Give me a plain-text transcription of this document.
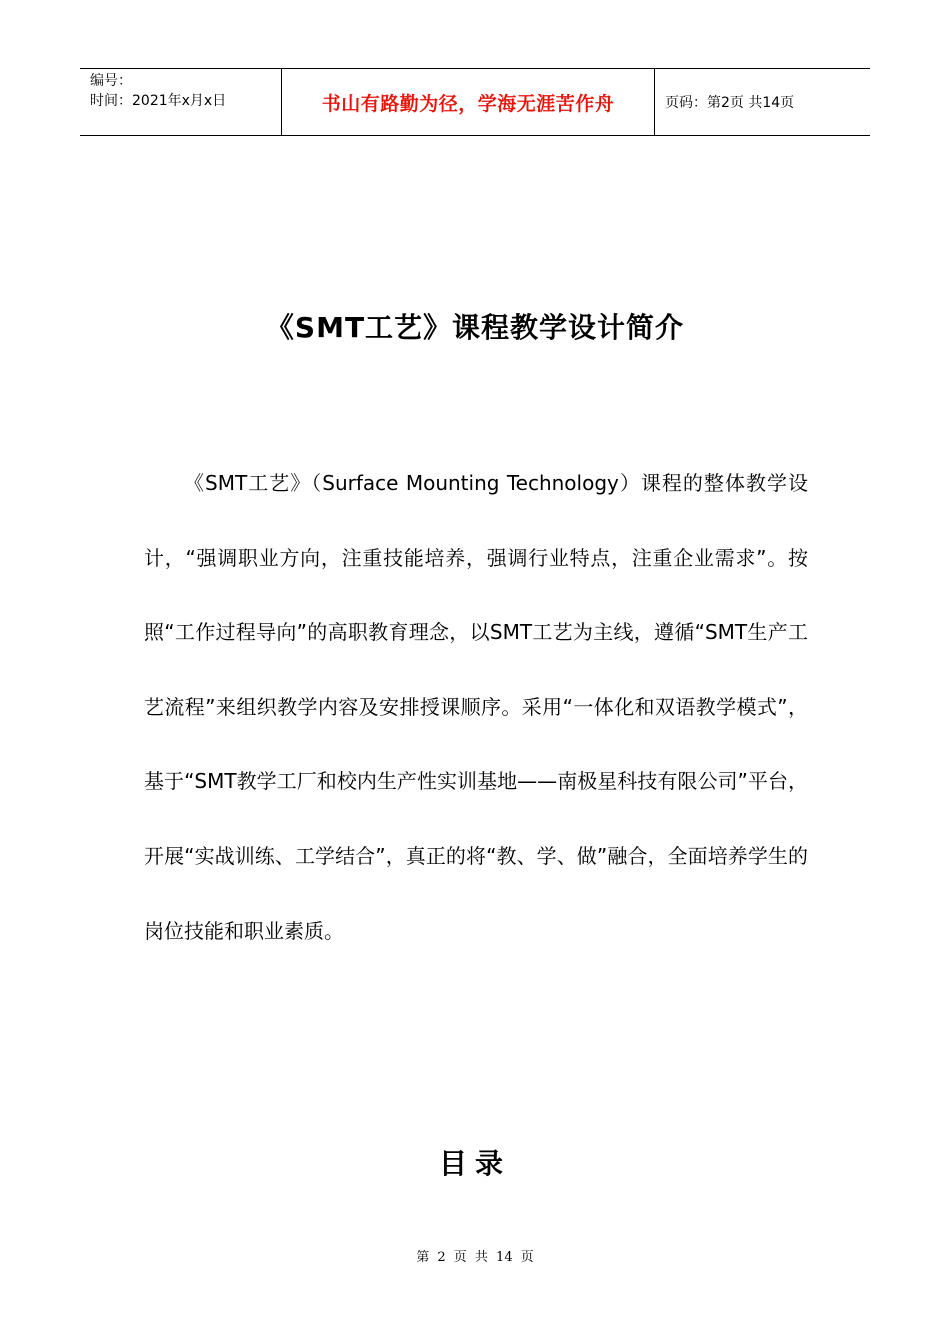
编号：
时间：2021年x月x日	书山有路勤为径，学海无涯苦作舟	页码：第2页 共14页
《SMT工艺》课程教学设计简介

《SMT工艺》（Surface Mounting Technology）课程的整体教学设计，“强调职业方向，注重技能培养，强调行业特点，注重企业需求”。按照“工作过程导向”的高职教育理念，以SMT工艺为主线，遵循“SMT生产工艺流程”来组织教学内容及安排授课顺序。采用“一体化和双语教学模式”，基于“SMT教学工厂和校内生产性实训基地——南极星科技有限公司”平台，开展“实战训练、工学结合”，真正的将“教、学、做”融合，全面培养学生的岗位技能和职业素质。

目录
第 2 页 共 14 页
